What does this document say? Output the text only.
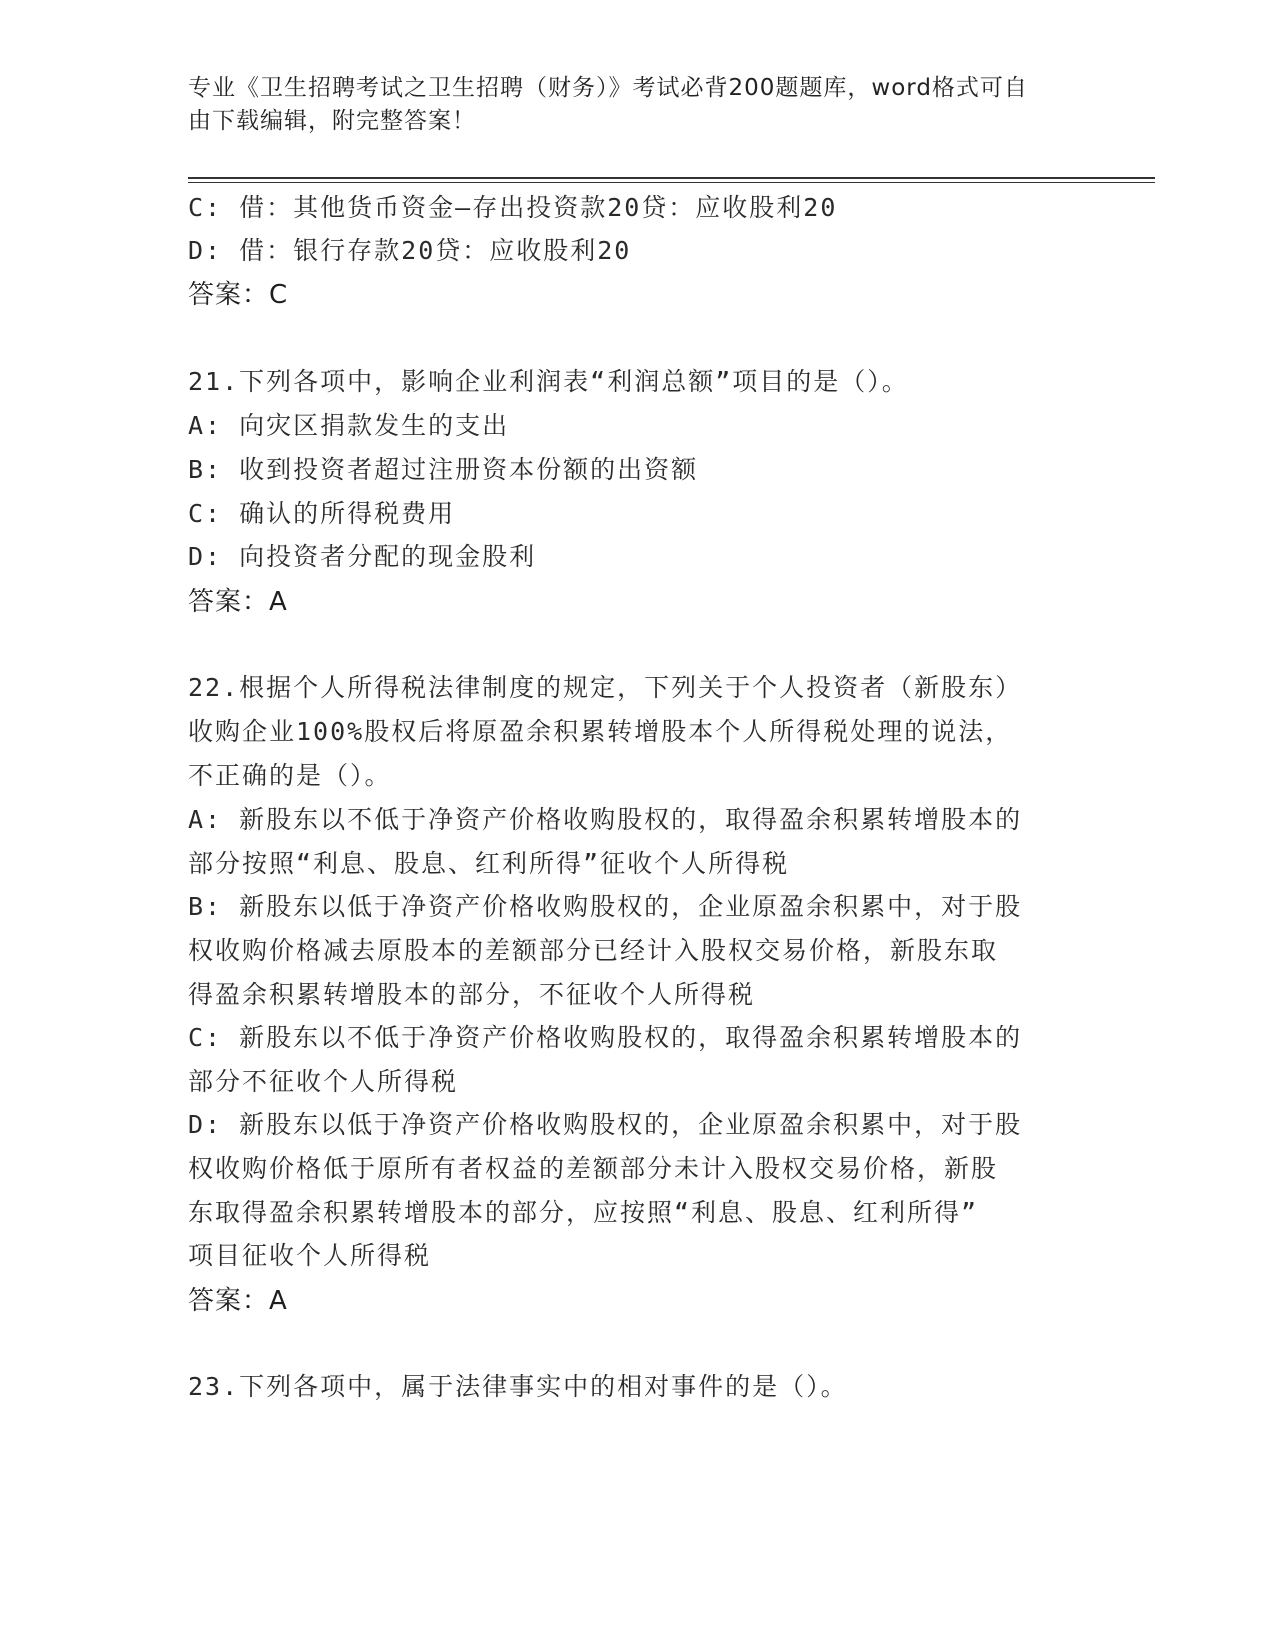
专业《卫生招聘考试之卫生招聘（财务）》考试必背200题题库，word格式可自
由下载编辑，附完整答案！
C: 借：其他货币资金—存出投资款20贷：应收股利20
D: 借：银行存款20贷：应收股利20
答案：C
21.下列各项中，影响企业利润表“利润总额”项目的是（）。
A: 向灾区捐款发生的支出
B: 收到投资者超过注册资本份额的出资额
C: 确认的所得税费用
D: 向投资者分配的现金股利
答案：A
22.根据个人所得税法律制度的规定，下列关于个人投资者（新股东）
收购企业100%股权后将原盈余积累转增股本个人所得税处理的说法，
不正确的是（）。
A: 新股东以不低于净资产价格收购股权的，取得盈余积累转增股本的
部分按照“利息、股息、红利所得”征收个人所得税
B: 新股东以低于净资产价格收购股权的，企业原盈余积累中，对于股
权收购价格减去原股本的差额部分已经计入股权交易价格，新股东取
得盈余积累转增股本的部分，不征收个人所得税
C: 新股东以不低于净资产价格收购股权的，取得盈余积累转增股本的
部分不征收个人所得税
D: 新股东以低于净资产价格收购股权的，企业原盈余积累中，对于股
权收购价格低于原所有者权益的差额部分未计入股权交易价格，新股
东取得盈余积累转增股本的部分，应按照“利息、股息、红利所得”
项目征收个人所得税
答案：A
23.下列各项中，属于法律事实中的相对事件的是（）。
